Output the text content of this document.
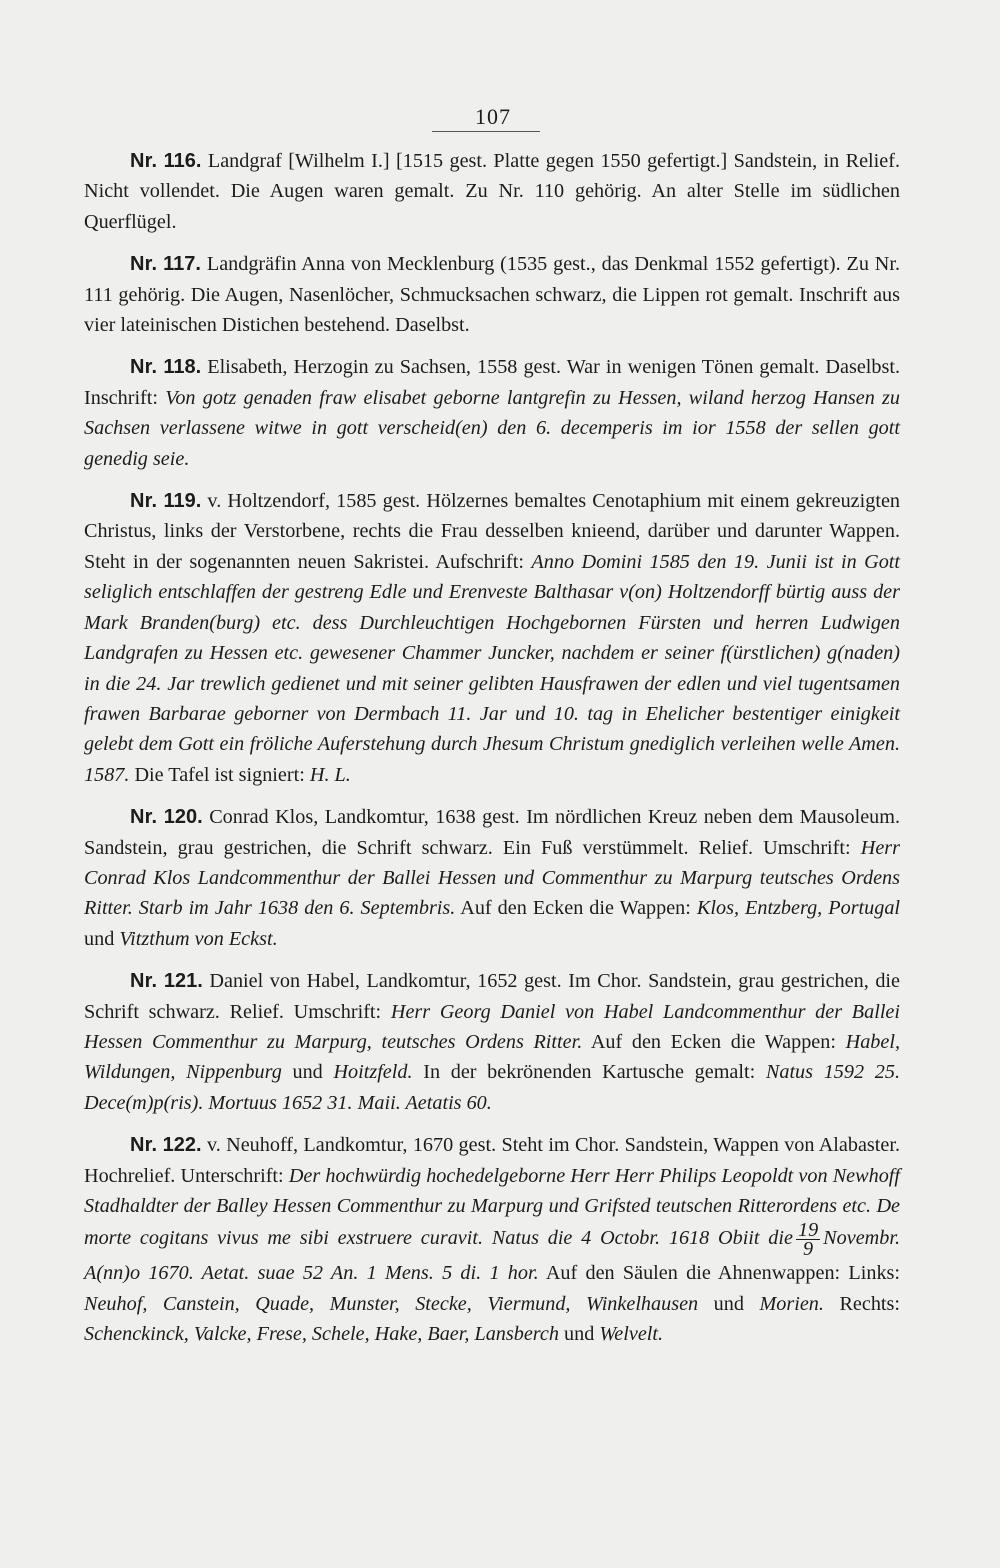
107

Nr. 116. Landgraf [Wilhelm I.] [1515 gest. Platte gegen 1550 gefertigt.] Sandstein, in Relief. Nicht vollendet. Die Augen waren gemalt. Zu Nr. 110 gehörig. An alter Stelle im südlichen Querflügel.

Nr. 117. Landgräfin Anna von Mecklenburg (1535 gest., das Denkmal 1552 gefertigt). Zu Nr. 111 gehörig. Die Augen, Nasenlöcher, Schmucksachen schwarz, die Lippen rot gemalt. Inschrift aus vier lateinischen Distichen bestehend. Daselbst.

Nr. 118. Elisabeth, Herzogin zu Sachsen, 1558 gest. War in wenigen Tönen gemalt. Daselbst. Inschrift: Von gotz genaden fraw elisabet geborne lantgrefin zu Hessen, wiland herzog Hansen zu Sachsen verlassene witwe in gott verscheid(en) den 6. decemperis im ior 1558 der sellen gott genedig seie.

Nr. 119. v. Holtzendorf, 1585 gest. Hölzernes bemaltes Cenotaphium mit einem gekreuzigten Christus, links der Verstorbene, rechts die Frau desselben knieend, darüber und darunter Wappen. Steht in der sogenannten neuen Sakristei. Aufschrift: Anno Domini 1585 den 19. Junii ist in Gott seliglich entschlaffen der gestreng Edle und Erenveste Balthasar v(on) Holtzendorff bürtig auss der Mark Branden(burg) etc. dess Durchleuchtigen Hochgebornen Fürsten und herren Ludwigen Landgrafen zu Hessen etc. gewesener Chammer Juncker, nachdem er seiner f(ürstlichen) g(naden) in die 24. Jar trewlich gedienet und mit seiner gelibten Hausfrawen der edlen und viel tugentsamen frawen Barbarae geborner von Dermbach 11. Jar und 10. tag in Ehelicher bestentiger einigkeit gelebt dem Gott ein fröliche Auferstehung durch Jhesum Christum gnediglich verleihen welle Amen. 1587. Die Tafel ist signiert: H. L.

Nr. 120. Conrad Klos, Landkomtur, 1638 gest. Im nördlichen Kreuz neben dem Mausoleum. Sandstein, grau gestrichen, die Schrift schwarz. Ein Fuß verstümmelt. Relief. Umschrift: Herr Conrad Klos Landcommenthur der Ballei Hessen und Commenthur zu Marpurg teutsches Ordens Ritter. Starb im Jahr 1638 den 6. Septembris. Auf den Ecken die Wappen: Klos, Entzberg, Portugal und Vitzthum von Eckst.

Nr. 121. Daniel von Habel, Landkomtur, 1652 gest. Im Chor. Sandstein, grau gestrichen, die Schrift schwarz. Relief. Umschrift: Herr Georg Daniel von Habel Landcommenthur der Ballei Hessen Commenthur zu Marpurg, teutsches Ordens Ritter. Auf den Ecken die Wappen: Habel, Wildungen, Nippenburg und Hoitzfeld. In der bekrönenden Kartusche gemalt: Natus 1592 25. Dece(m)p(ris). Mortuus 1652 31. Maii. Aetatis 60.

Nr. 122. v. Neuhoff, Landkomtur, 1670 gest. Steht im Chor. Sandstein, Wappen von Alabaster. Hochrelief. Unterschrift: Der hochwürdig hochedelgeborne Herr Herr Philips Leopoldt von Newhoff Stadhaldter der Balley Hessen Commenthur zu Marpurg und Grifsted teutschen Ritterordens etc. De morte cogitans vivus me sibi exstruere curavit. Natus die 4 Octobr. 1618 Obiit die $\frac{19}{9}$ Novembr. A(nn)o 1670. Aetat. suae 52 An. 1 Mens. 5 di. 1 hor. Auf den Säulen die Ahnenwappen: Links: Neuhof, Canstein, Quade, Munster, Stecke, Viermund, Winkelhausen und Morien. Rechts: Schenckinck, Valcke, Frese, Schele, Hake, Baer, Lansberch und Welvelt.
